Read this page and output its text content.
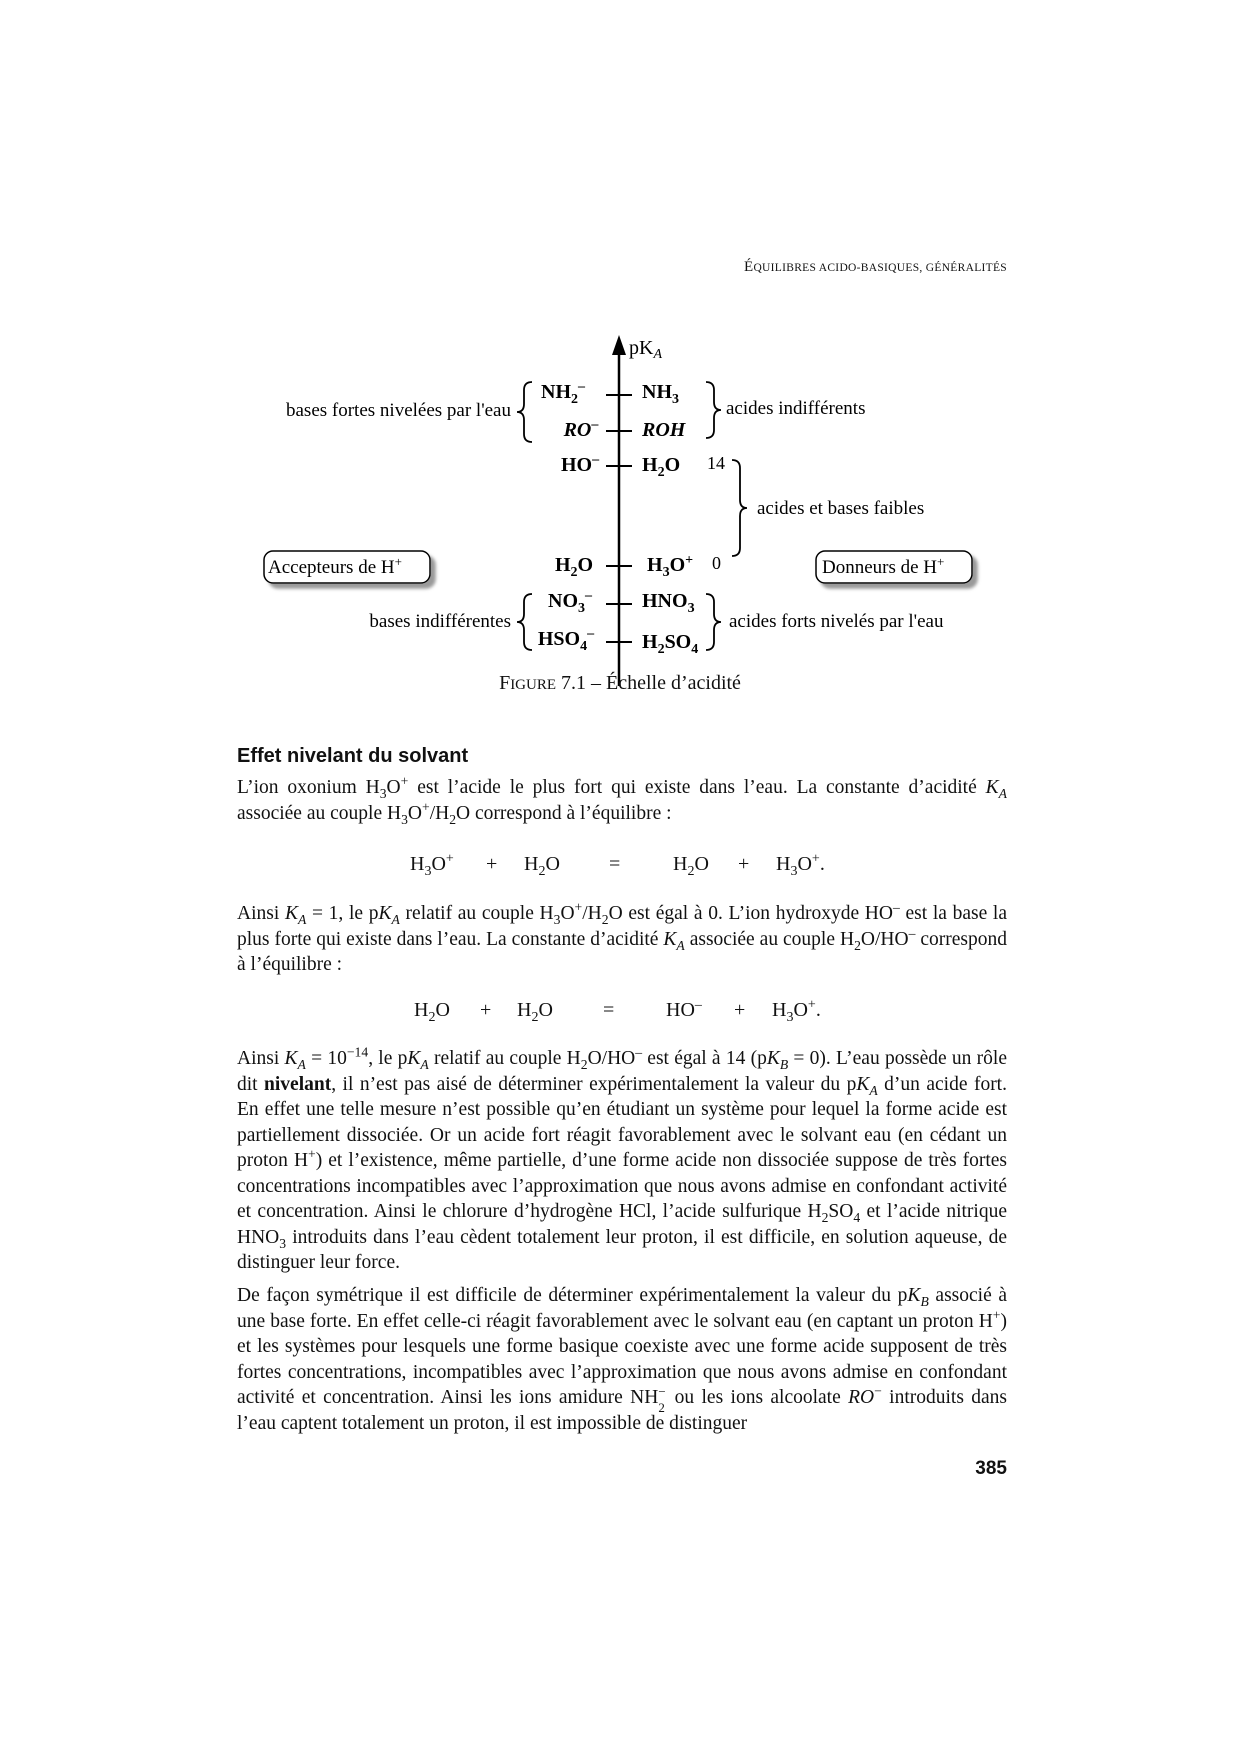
ÉQUILIBRES ACIDO-BASIQUES, GÉNÉRALITÉS
$pK_A$
$NH_2^-$
RO–
HO–
$H_2O$
$NO_3^-$
$HSO_4^-$
$NH_3$
ROH
$H_2O$
$H_3O^+$
$HNO_3$
$H_2SO_4$
14
0
bases fortes nivelées par l'eau	acides indifférents
acides et bases faibles
bases indifférentes	acides forts nivelés par l'eau
Accepteurs de H+	Donneurs de H+
FIGURE 7.1 – Échelle d’acidité
Effet nivelant du solvant

L’ion oxonium $H_3O^+$ est l’acide le plus fort qui existe dans l’eau. La constante d’acidité $K_A$ associée au couple $H_3O^+/H_2O$ correspond à l’équilibre :

$H_3O^+ + H_2O$ =	$H_2O + H_3O^+$.

Ainsi $K_A = 1$, le $pK_A$ relatif au couple $H_3O^+/H_2O$ est égal à 0. L’ion hydroxyde HO– est la base la plus forte qui existe dans l’eau. La constante d’acidité $K_A$ associée au couple $H_2O/HO^-$ correspond à l’équilibre :

$H_2O + H_2O$	=	$HO^- + H_3O^+$.

Ainsi $K_A = 10^{-14}$, le $pK_A$ relatif au couple $H_2O/HO^-$ est égal à 14 $(pK_B = 0)$. L’eau possède un rôle dit nivelant, il n’est pas aisé de déterminer expérimentalement la valeur du $pK_A$ d’un acide fort. En effet une telle mesure n’est possible qu’en étudiant un système pour lequel la forme acide est partiellement dissociée. Or un acide fort réagit favorablement avec le solvant eau (en cédant un proton H+) et l’existence, même partielle, d’une forme acide non dissociée suppose de très fortes concentrations incompatibles avec l’approximation que nous avons admise en confondant activité et concentration. Ainsi le chlorure d’hydrogène HCl, l’acide sulfurique $H_2SO_4$ et l’acide nitrique $HNO_3$ introduits dans l’eau cèdent totalement leur proton, il est difficile, en solution aqueuse, de distinguer leur force.

De façon symétrique il est difficile de déterminer expérimentalement la valeur du $pK_B$ associé à une base forte. En effet celle-ci réagit favorablement avec le solvant eau (en captant un proton H+) et les systèmes pour lesquels une forme basique coexiste avec une forme acide supposent de très fortes concentrations, incompatibles avec l’approximation que nous avons admise en confondant activité et concentration. Ainsi les ions amidure NH −
2 ou les ions alcoolate RO− introduits dans l’eau captent totalement un proton, il est impossible de distinguer

385
